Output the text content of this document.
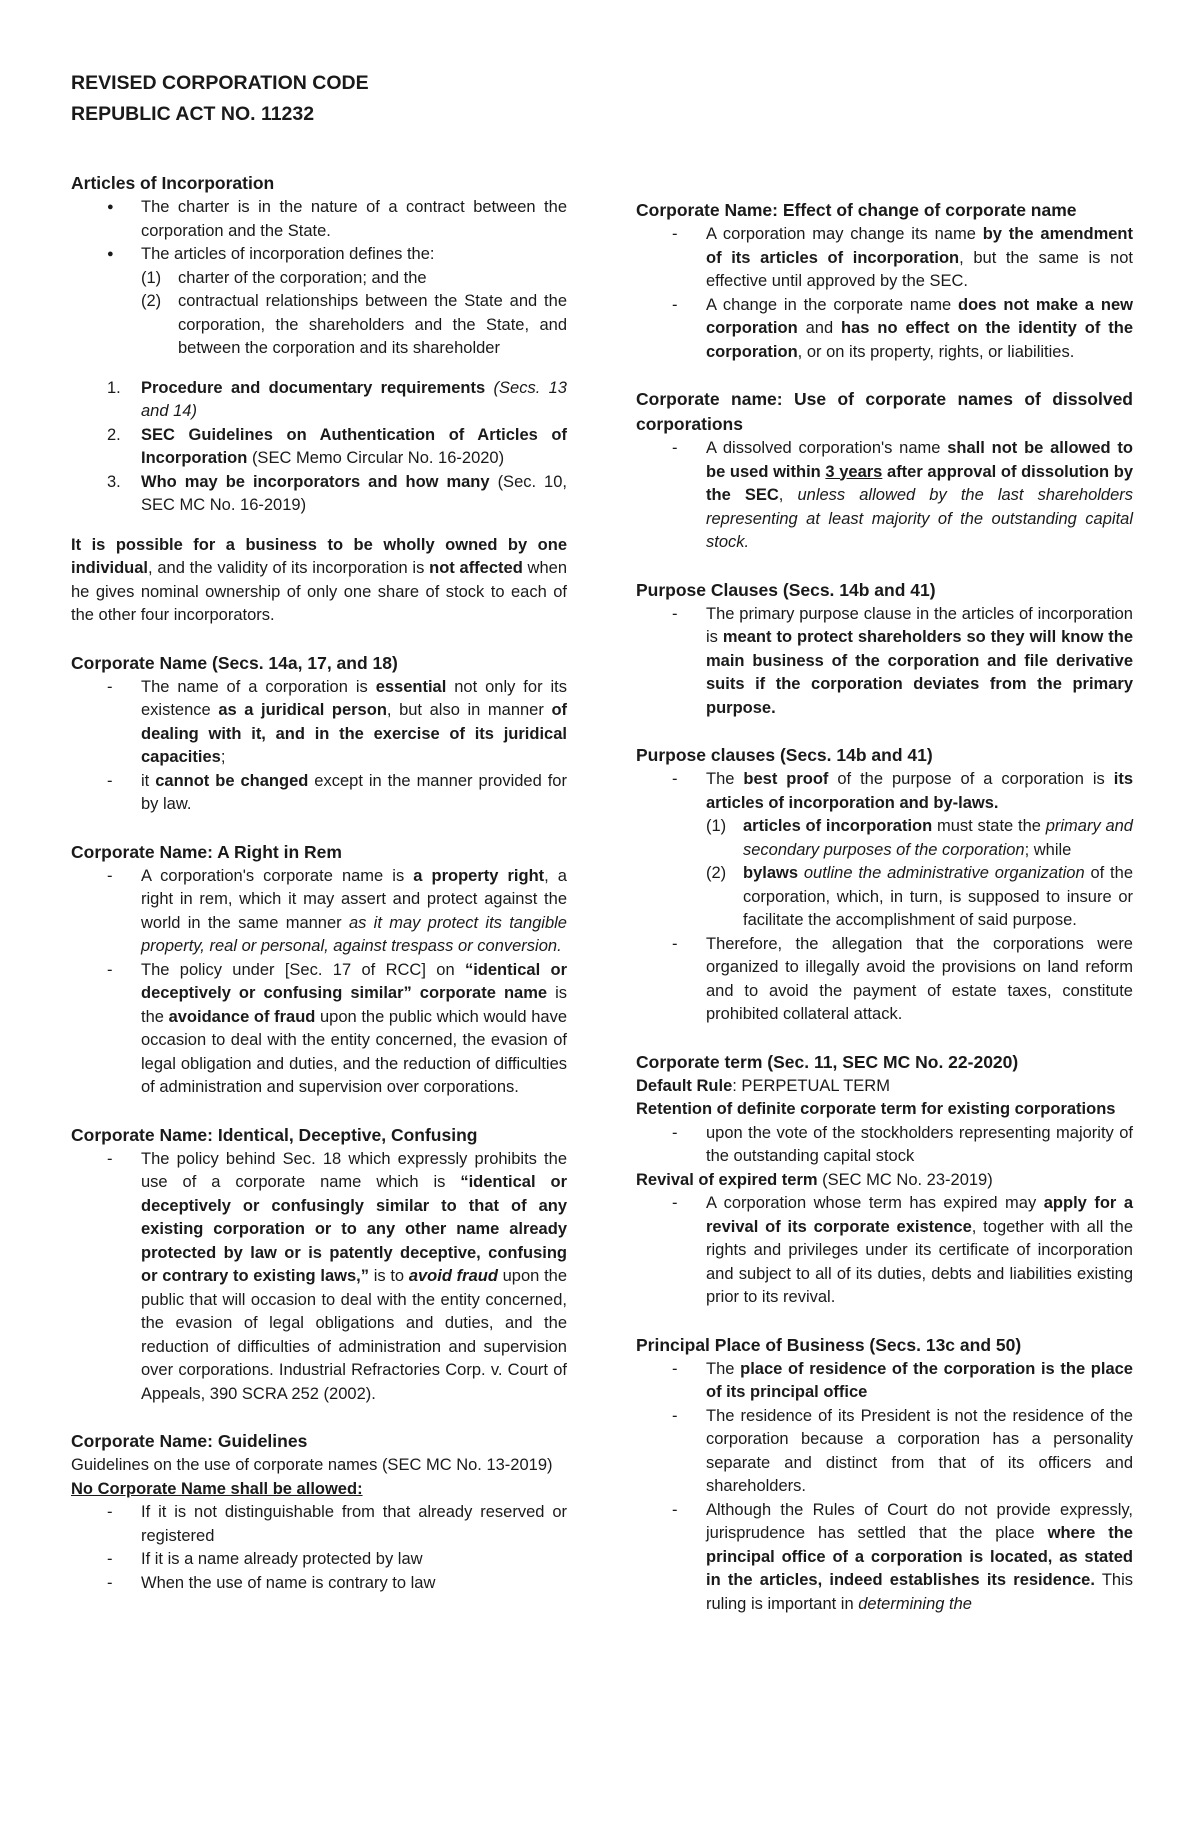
REVISED CORPORATION CODE
REPUBLIC ACT NO. 11232
Articles of Incorporation
● The charter is in the nature of a contract between the corporation and the State.
● The articles of incorporation defines the:
(1) charter of the corporation; and the
(2) contractual relationships between the State and the corporation, the shareholders and the State, and between the corporation and its shareholder
1. Procedure and documentary requirements (Secs. 13 and 14)
2. SEC Guidelines on Authentication of Articles of Incorporation (SEC Memo Circular No. 16-2020)
3. Who may be incorporators and how many (Sec. 10, SEC MC No. 16-2019)

It is possible for a business to be wholly owned by one individual, and the validity of its incorporation is not affected when he gives nominal ownership of only one share of stock to each of the other four incorporators.

Corporate Name (Secs. 14a, 17, and 18)
- The name of a corporation is essential not only for its existence as a juridical person, but also in manner of dealing with it, and in the exercise of its juridical capacities;
- it cannot be changed except in the manner provided for by law.
Corporate Name: A Right in Rem
- A corporation's corporate name is a property right, a right in rem, which it may assert and protect against the world in the same manner as it may protect its tangible property, real or personal, against trespass or conversion.
- The policy under [Sec. 17 of RCC] on “identical or deceptively or confusing similar” corporate name is the avoidance of fraud upon the public which would have occasion to deal with the entity concerned, the evasion of legal obligation and duties, and the reduction of difficulties of administration and supervision over corporations.
Corporate Name: Identical, Deceptive, Confusing
- The policy behind Sec. 18 which expressly prohibits the use of a corporate name which is “identical or deceptively or confusingly similar to that of any existing corporation or to any other name already protected by law or is patently deceptive, confusing or contrary to existing laws,” is to avoid fraud upon the public that will occasion to deal with the entity concerned, the evasion of legal obligations and duties, and the reduction of difficulties of administration and supervision over corporations. Industrial Refractories Corp. v. Court of Appeals, 390 SCRA 252 (2002).
Corporate Name: Guidelines

Guidelines on the use of corporate names (SEC MC No. 13-2019)

No Corporate Name shall be allowed:

- If it is not distinguishable from that already reserved or registered
- If it is a name already protected by law
- When the use of name is contrary to law
Corporate Name: Effect of change of corporate name
- A corporation may change its name by the amendment of its articles of incorporation, but the same is not effective until approved by the SEC.
- A change in the corporate name does not make a new corporation and has no effect on the identity of the corporation, or on its property, rights, or liabilities.
Corporate name: Use of corporate names of dissolved corporations
- A dissolved corporation's name shall not be allowed to be used within 3 years after approval of dissolution by the SEC, unless allowed by the last shareholders representing at least majority of the outstanding capital stock.
Purpose Clauses (Secs. 14b and 41)
- The primary purpose clause in the articles of incorporation is meant to protect shareholders so they will know the main business of the corporation and file derivative suits if the corporation deviates from the primary purpose.
Purpose clauses (Secs. 14b and 41)
- The best proof of the purpose of a corporation is its articles of incorporation and by-laws.
(1) articles of incorporation must state the primary and secondary purposes of the corporation; while
(2) bylaws outline the administrative organization of the corporation, which, in turn, is supposed to insure or facilitate the accomplishment of said purpose.
- Therefore, the allegation that the corporations were organized to illegally avoid the provisions on land reform and to avoid the payment of estate taxes, constitute prohibited collateral attack.
Corporate term (Sec. 11, SEC MC No. 22-2020)

Default Rule: PERPETUAL TERM

Retention of definite corporate term for existing corporations

- upon the vote of the stockholders representing majority of the outstanding capital stock

Revival of expired term (SEC MC No. 23-2019)

- A corporation whose term has expired may apply for a revival of its corporate existence, together with all the rights and privileges under its certificate of incorporation and subject to all of its duties, debts and liabilities existing prior to its revival.
Principal Place of Business (Secs. 13c and 50)
- The place of residence of the corporation is the place of its principal office
- The residence of its President is not the residence of the corporation because a corporation has a personality separate and distinct from that of its officers and shareholders.
- Although the Rules of Court do not provide expressly, jurisprudence has settled that the place where the principal office of a corporation is located, as stated in the articles, indeed establishes its residence. This ruling is important in determining the
